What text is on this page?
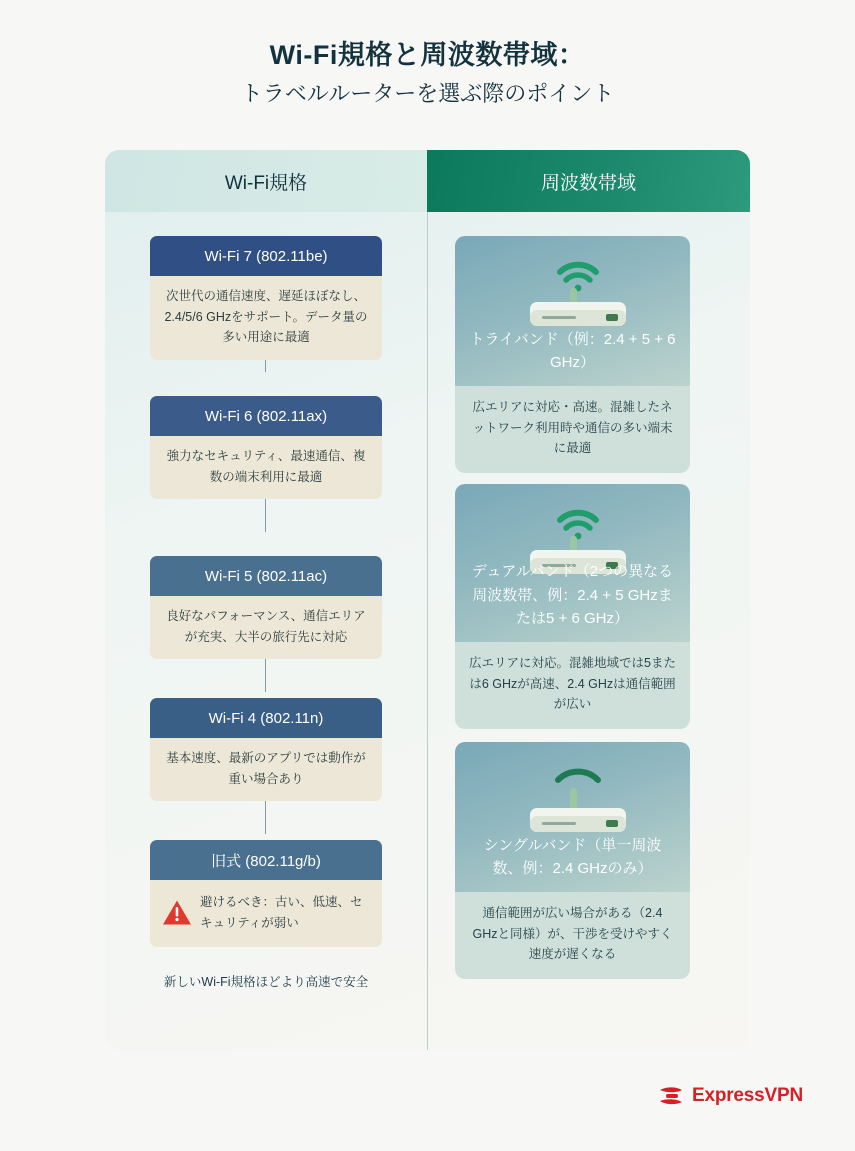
Wi-Fi規格と周波数帯域：
トラベルルーターを選ぶ際のポイント
Wi-Fi規格	周波数帯域
Wi-Fi 7 (802.11be)
次世代の通信速度、遅延ほぼなし、2.4/5/6 GHzをサポート。データ量の多い用途に最適
Wi-Fi 6 (802.11ax)
強力なセキュリティ、最速通信、複数の端末利用に最適
Wi-Fi 5 (802.11ac)
良好なパフォーマンス、通信エリアが充実、大半の旅行先に対応
Wi-Fi 4 (802.11n)
基本速度、最新のアプリでは動作が重い場合あり
旧式 (802.11g/b)
避けるべき：古い、低速、セキュリティが弱い
新しいWi-Fi規格ほどより高速で安全
トライバンド（例：2.4 + 5 + 6 GHz）
広エリアに対応・高速。混雑したネットワーク利用時や通信の多い端末に最適
デュアルバンド（2つの異なる周波数帯、例：2.4 + 5 GHzまたは5 + 6 GHz）
広エリアに対応。混雑地域では5または6 GHzが高速、2.4 GHzは通信範囲が広い
シングルバンド（単一周波数、例：2.4 GHzのみ）
通信範囲が広い場合がある（2.4 GHzと同様）が、干渉を受けやすく速度が遅くなる
ExpressVPN
